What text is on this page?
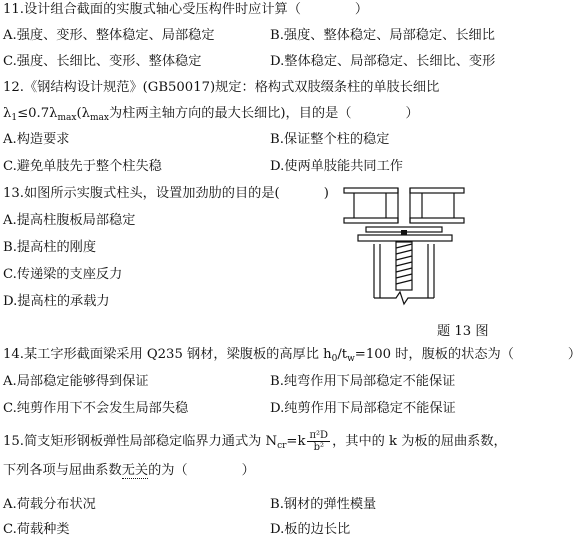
11.设计组合截面的实腹式轴心受压构件时应计算（	）
A.强度、变形、整体稳定、局部稳定	B.强度、整体稳定、局部稳定、长细比
C.强度、长细比、变形、整体稳定	D.整体稳定、局部稳定、长细比、变形
12.《钢结构设计规范》(GB50017)规定：格构式双肢缀条柱的单肢长细比
$\lambda_1\le 0.7\lambda_{max}(\lambda_{max}$为柱两主轴方向的最大长细比)，目的是（	）
A.构造要求	B.保证整个柱的稳定
C.避免单肢先于整个柱失稳	D.使两单肢能共同工作
13.如图所示实腹式柱头，设置加劲肋的目的是(	)
A.提高柱腹板局部稳定
B.提高柱的刚度
C.传递梁的支座反力
D.提高柱的承载力
题 13 图
14.某工字形截面梁采用 Q235 钢材，梁腹板的高厚比 $h_0/t_w=100$ 时，腹板的状态为（	）
A.局部稳定能够得到保证	B.纯弯作用下局部稳定不能保证
C.纯剪作用下不会发生局部失稳	D.纯剪作用下局部稳定不能保证
15.简支矩形钢板弹性局部稳定临界力通式为 $N_{cr}=k \frac{\text{π²D}}{\text{b²}}$ ，其中的 k 为板的屈曲系数，
下列各项与屈曲系数无关的为（	）
A.荷载分布状况	B.钢材的弹性模量
C.荷载种类	D.板的边长比
